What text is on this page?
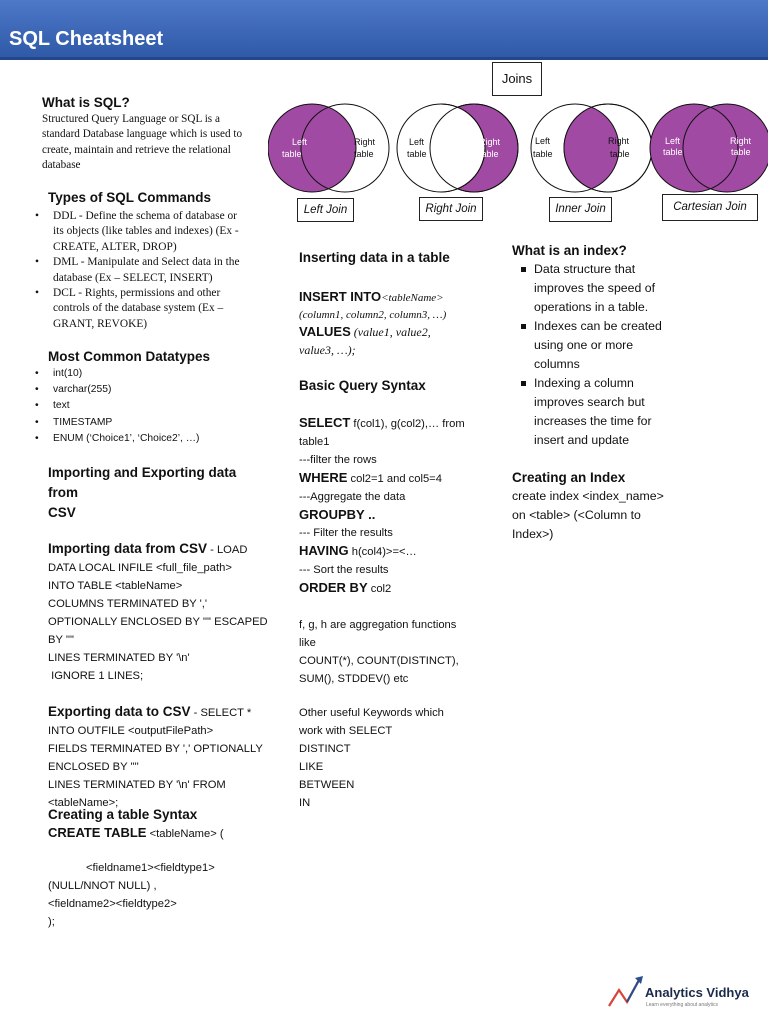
SQL Cheatsheet
Joins
Left
table
Right
table
Left
table
Right
table
Left
table
Right
table
Left
table
Right
table
Left Join	Right Join	Inner Join	Cartesian Join
What is SQL?
Structured Query Language or SQL is a
standard Database language which is used to
create, maintain and retrieve the relational
database
Types of SQL Commands
• DDL - Define the schema of database or
its objects (like tables and indexes) (Ex -
CREATE, ALTER, DROP)
• DML - Manipulate and Select data in the
database (Ex – SELECT, INSERT)
• DCL - Rights, permissions and other
controls of the database system (Ex –
GRANT, REVOKE)
Most Common Datatypes
• int(10)
• varchar(255)
• text
• TIMESTAMP
• ENUM (‘Choice1’, ‘Choice2’, …)
Importing and Exporting data from
CSV
Importing data from CSV - LOAD
DATA LOCAL INFILE <full_file_path>
INTO TABLE <tableName>
COLUMNS TERMINATED BY ','
OPTIONALLY ENCLOSED BY '"' ESCAPED
BY '"'
LINES TERMINATED BY '\n'
IGNORE 1 LINES;
Exporting data to CSV - SELECT *
INTO OUTFILE <outputFilePath>
FIELDS TERMINATED BY ',' OPTIONALLY
ENCLOSED BY '"'
LINES TERMINATED BY '\n' FROM
<tableName>;
Creating a table Syntax
CREATE TABLE <tableName> (
<fieldname1><fieldtype1>
(NULL/NNOT NULL) ,
<fieldname2><fieldtype2>
);
Inserting data in a table
INSERT INTO<tableName>
(column1, column2, column3, …)
VALUES (value1, value2,
value3, …);
Basic Query Syntax
SELECT f(col1), g(col2),… from
table1
---filter the rows
WHERE col2=1 and col5=4
---Aggregate the data
GROUPBY ..
--- Filter the results
HAVING h(col4)>=<…
--- Sort the results
ORDER BY col2
f, g, h are aggregation functions
like
COUNT(*), COUNT(DISTINCT),
SUM(), STDDEV() etc
Other useful Keywords which
work with SELECT
DISTINCT
LIKE
BETWEEN
IN
What is an index?
Data structure that
improves the speed of
operations in a table.
Indexes can be created
using one or more
columns
Indexing a column
improves search but
increases the time for
insert and update
Creating an Index
create index <index_name>
on <table> (<Column to
Index>)
Analytics Vidhya
Learn everything about analytics
